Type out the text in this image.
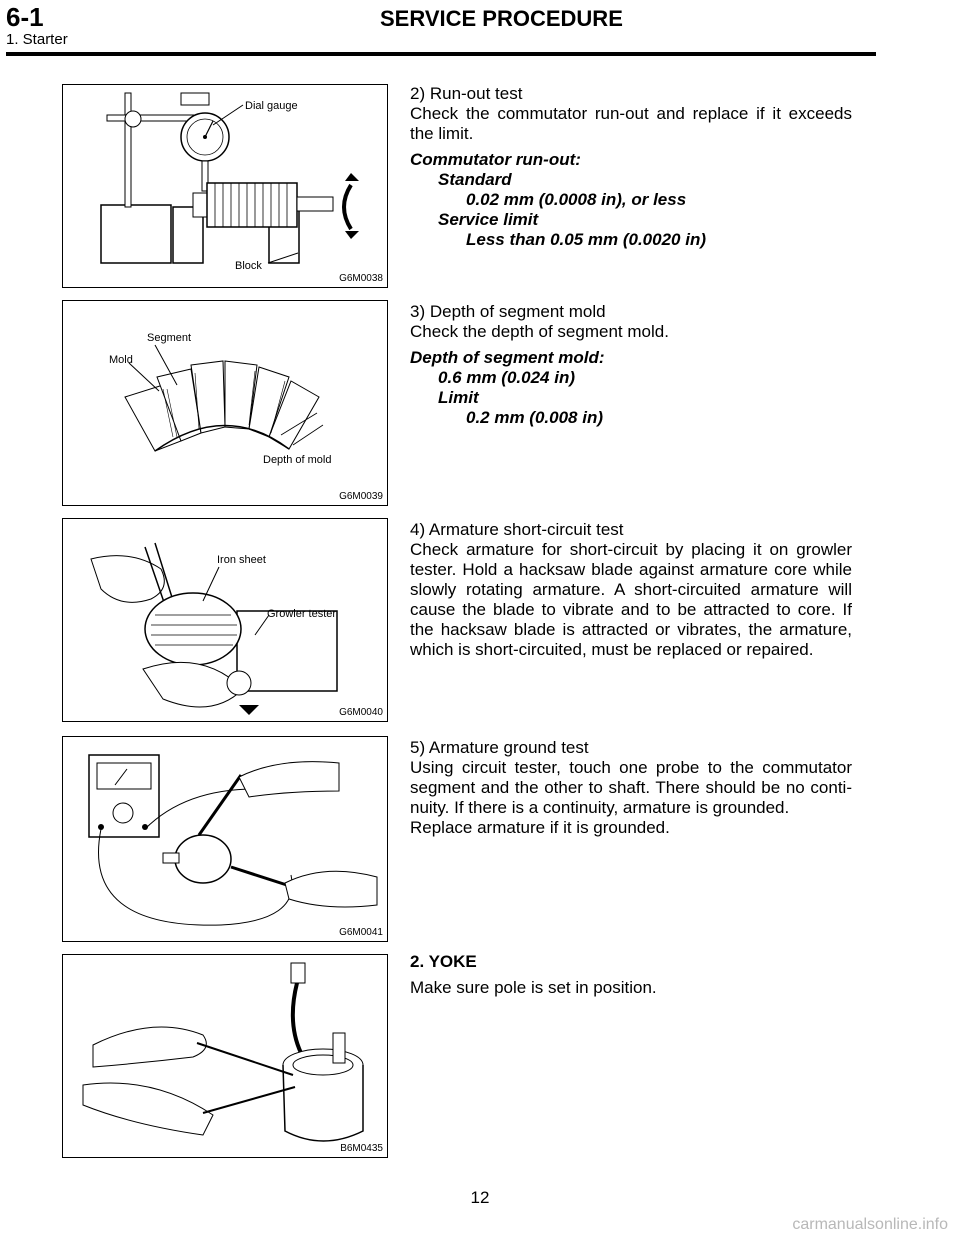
6-1	SERVICE PROCEDURE
1. Starter
Dial gauge
Block
G6M0038
Mold
Segment
Depth of mold
G6M0039
Iron sheet
Growler tester
G6M0040
G6M0041
B6M0435

2) Run-out test

Check the commutator run-out and replace if it exceeds the limit.

Commutator run-out:

Standard

0.02 mm (0.0008 in), or less

Service limit

Less than 0.05 mm (0.0020 in)

3) Depth of segment mold

Check the depth of segment mold.

Depth of segment mold:

0.6 mm (0.024 in)

Limit

0.2 mm (0.008 in)

4) Armature short-circuit test

Check armature for short-circuit by placing it on growler tester. Hold a hacksaw blade against armature core while slowly rotating armature. A short-circuited armature will cause the blade to vibrate and to be attracted to core. If the hacksaw blade is attracted or vibrates, the armature, which is short-circuited, must be replaced or repaired.

5) Armature ground test

Using circuit tester, touch one probe to the commutator segment and the other to shaft. There should be no conti-nuity. If there is a continuity, armature is grounded.

Replace armature if it is grounded.

2. YOKE

Make sure pole is set in position.

12
carmanualsonline.info
